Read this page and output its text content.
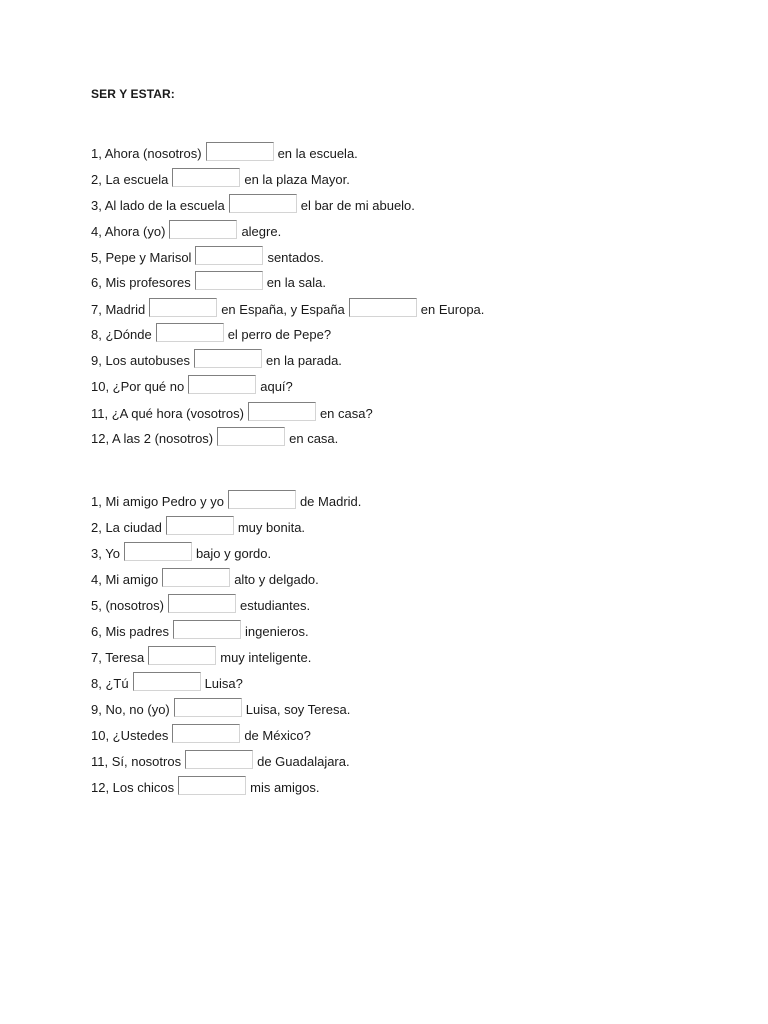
SER Y ESTAR:
1, Ahora (nosotros)	en la escuela.
2, La escuela	en la plaza Mayor.
3, Al lado de la escuela	el bar de mi abuelo.
4, Ahora (yo)	alegre.
5, Pepe y Marisol	sentados.
6, Mis profesores	en la sala.
7, Madrid	en España, y España	en Europa.
8, ¿Dónde	el perro de Pepe?
9, Los autobuses	en la parada.
10, ¿Por qué no	aquí?
11, ¿A qué hora (vosotros)	en casa?
12, A las 2 (nosotros)	en casa.
1, Mi amigo Pedro y yo	de Madrid.
2, La ciudad	muy bonita.
3, Yo	bajo y gordo.
4, Mi amigo	alto y delgado.
5, (nosotros)	estudiantes.
6, Mis padres	ingenieros.
7, Teresa	muy inteligente.
8, ¿Tú	Luisa?
9, No, no (yo)	Luisa, soy Teresa.
10, ¿Ustedes	de México?
11, Sí, nosotros	de Guadalajara.
12, Los chicos	mis amigos.
